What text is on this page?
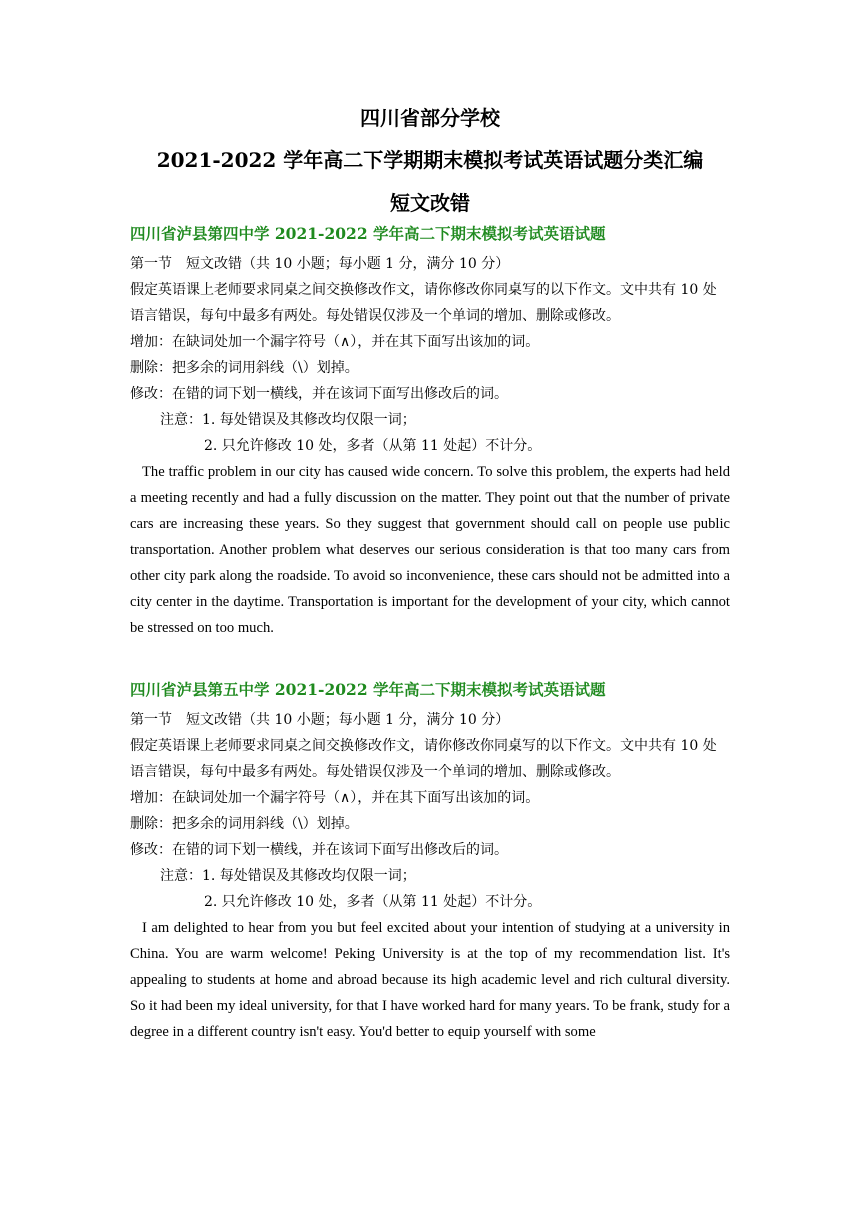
四川省部分学校

2021-2022 学年高二下学期期末模拟考试英语试题分类汇编

短文改错

四川省泸县第四中学 2021-2022 学年高二下期末模拟考试英语试题

第一节　短文改错（共 10 小题；每小题 1 分，满分 10 分）

假定英语课上老师要求同桌之间交换修改作文，请你修改你同桌写的以下作文。文中共有 10 处语言错误，每句中最多有两处。每处错误仅涉及一个单词的增加、删除或修改。

增加：在缺词处加一个漏字符号（∧），并在其下面写出该加的词。

删除：把多余的词用斜线（\）划掉。

修改：在错的词下划一横线，并在该词下面写出修改后的词。

注意：1. 每处错误及其修改均仅限一词；

2. 只允许修改 10 处，多者（从第 11 处起）不计分。

The traffic problem in our city has caused wide concern. To solve this problem, the experts had held a meeting recently and had a fully discussion on the matter. They point out that the number of private cars are increasing these years. So they suggest that government should call on people use public transportation. Another problem what deserves our serious consideration is that too many cars from other city park along the roadside. To avoid so inconvenience, these cars should not be admitted into a city center in the daytime. Transportation is important for the development of your city, which cannot be stressed on too much.

四川省泸县第五中学 2021-2022 学年高二下期末模拟考试英语试题

第一节　短文改错（共 10 小题；每小题 1 分，满分 10 分）

假定英语课上老师要求同桌之间交换修改作文，请你修改你同桌写的以下作文。文中共有 10 处语言错误，每句中最多有两处。每处错误仅涉及一个单词的增加、删除或修改。

增加：在缺词处加一个漏字符号（∧），并在其下面写出该加的词。

删除：把多余的词用斜线（\）划掉。

修改：在错的词下划一横线，并在该词下面写出修改后的词。

注意：1. 每处错误及其修改均仅限一词；

2. 只允许修改 10 处，多者（从第 11 处起）不计分。

I am delighted to hear from you but feel excited about your intention of studying at a university in China. You are warm welcome! Peking University is at the top of my recommendation list. It's appealing to students at home and abroad because its high academic level and rich cultural diversity. So it had been my ideal university, for that I have worked hard for many years. To be frank, study for a degree in a different country isn't easy. You'd better to equip yourself with some
